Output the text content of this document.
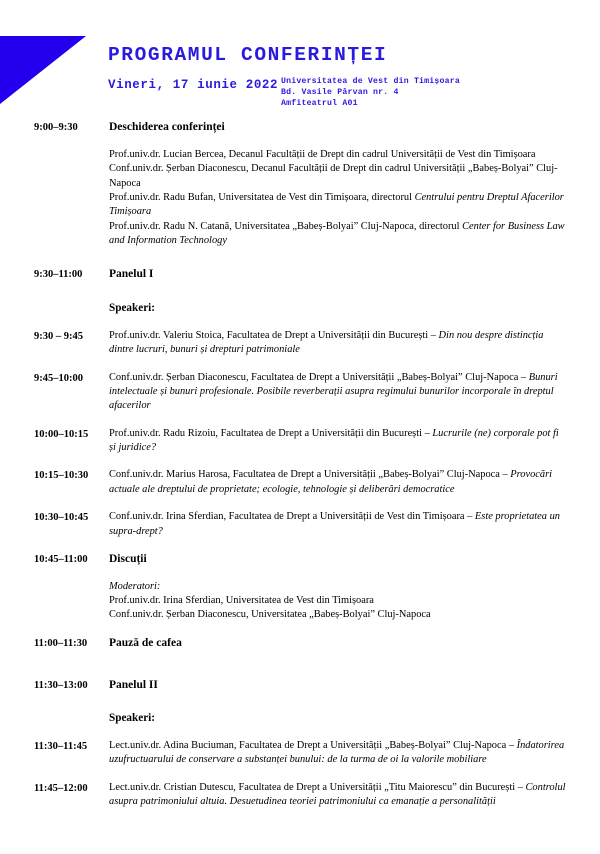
PROGRAMUL CONFERINȚEI
Vineri, 17 iunie 2022 Universitatea de Vest din Timișoara
Bd. Vasile Pârvan nr. 4
Amfiteatrul A01
9:00–9:30	Deschiderea conferinței
Prof.univ.dr. Lucian Bercea, Decanul Facultății de Drept din cadrul Universității de Vest din Timișoara
Conf.univ.dr. Șerban Diaconescu, Decanul Facultății de Drept din cadrul Universității „Babeș-Bolyai” Cluj-Napoca
Prof.univ.dr. Radu Bufan, Universitatea de Vest din Timișoara, directorul Centrului pentru Dreptul Afacerilor Timișoara
Prof.univ.dr. Radu N. Catană, Universitatea „Babeș-Bolyai” Cluj-Napoca, directorul Center for Business Law and Information Technology
9:30–11:00	Panelul I
Speakeri:
9:30 – 9:45	Prof.univ.dr. Valeriu Stoica, Facultatea de Drept a Universității din București – Din nou despre distincția dintre lucruri, bunuri și drepturi patrimoniale
9:45–10:00	Conf.univ.dr. Șerban Diaconescu, Facultatea de Drept a Universității „Babeș-Bolyai” Cluj-Napoca – Bunuri intelectuale și bunuri profesionale. Posibile reverberații asupra regimului bunurilor incorporale în dreptul afacerilor
10:00–10:15	Prof.univ.dr. Radu Rizoiu, Facultatea de Drept a Universității din București – Lucrurile (ne) corporale pot fi și juridice?
10:15–10:30	Conf.univ.dr. Marius Harosa, Facultatea de Drept a Universității „Babeș-Bolyai” Cluj-Napoca – Provocări actuale ale dreptului de proprietate; ecologie, tehnologie și deliberări democratice
10:30–10:45	Conf.univ.dr. Irina Sferdian, Facultatea de Drept a Universității de Vest din Timișoara – Este proprietatea un supra-drept?
10:45–11:00	Discuții
Moderatori:
Prof.univ.dr. Irina Sferdian, Universitatea de Vest din Timișoara
Conf.univ.dr. Șerban Diaconescu, Universitatea „Babeș-Bolyai” Cluj-Napoca
11:00–11:30	Pauză de cafea
11:30–13:00	Panelul II
Speakeri:
11:30–11:45	Lect.univ.dr. Adina Buciuman, Facultatea de Drept a Universității „Babeș-Bolyai” Cluj-Napoca – Îndatorirea uzufructuarului de conservare a substanței bunului: de la turma de oi la valorile mobiliare
11:45–12:00	Lect.univ.dr. Cristian Dutescu, Facultatea de Drept a Universității „Titu Maiorescu” din București – Controlul asupra patrimoniului altuia. Desuetudinea teoriei patrimoniului ca emanație a personalității
